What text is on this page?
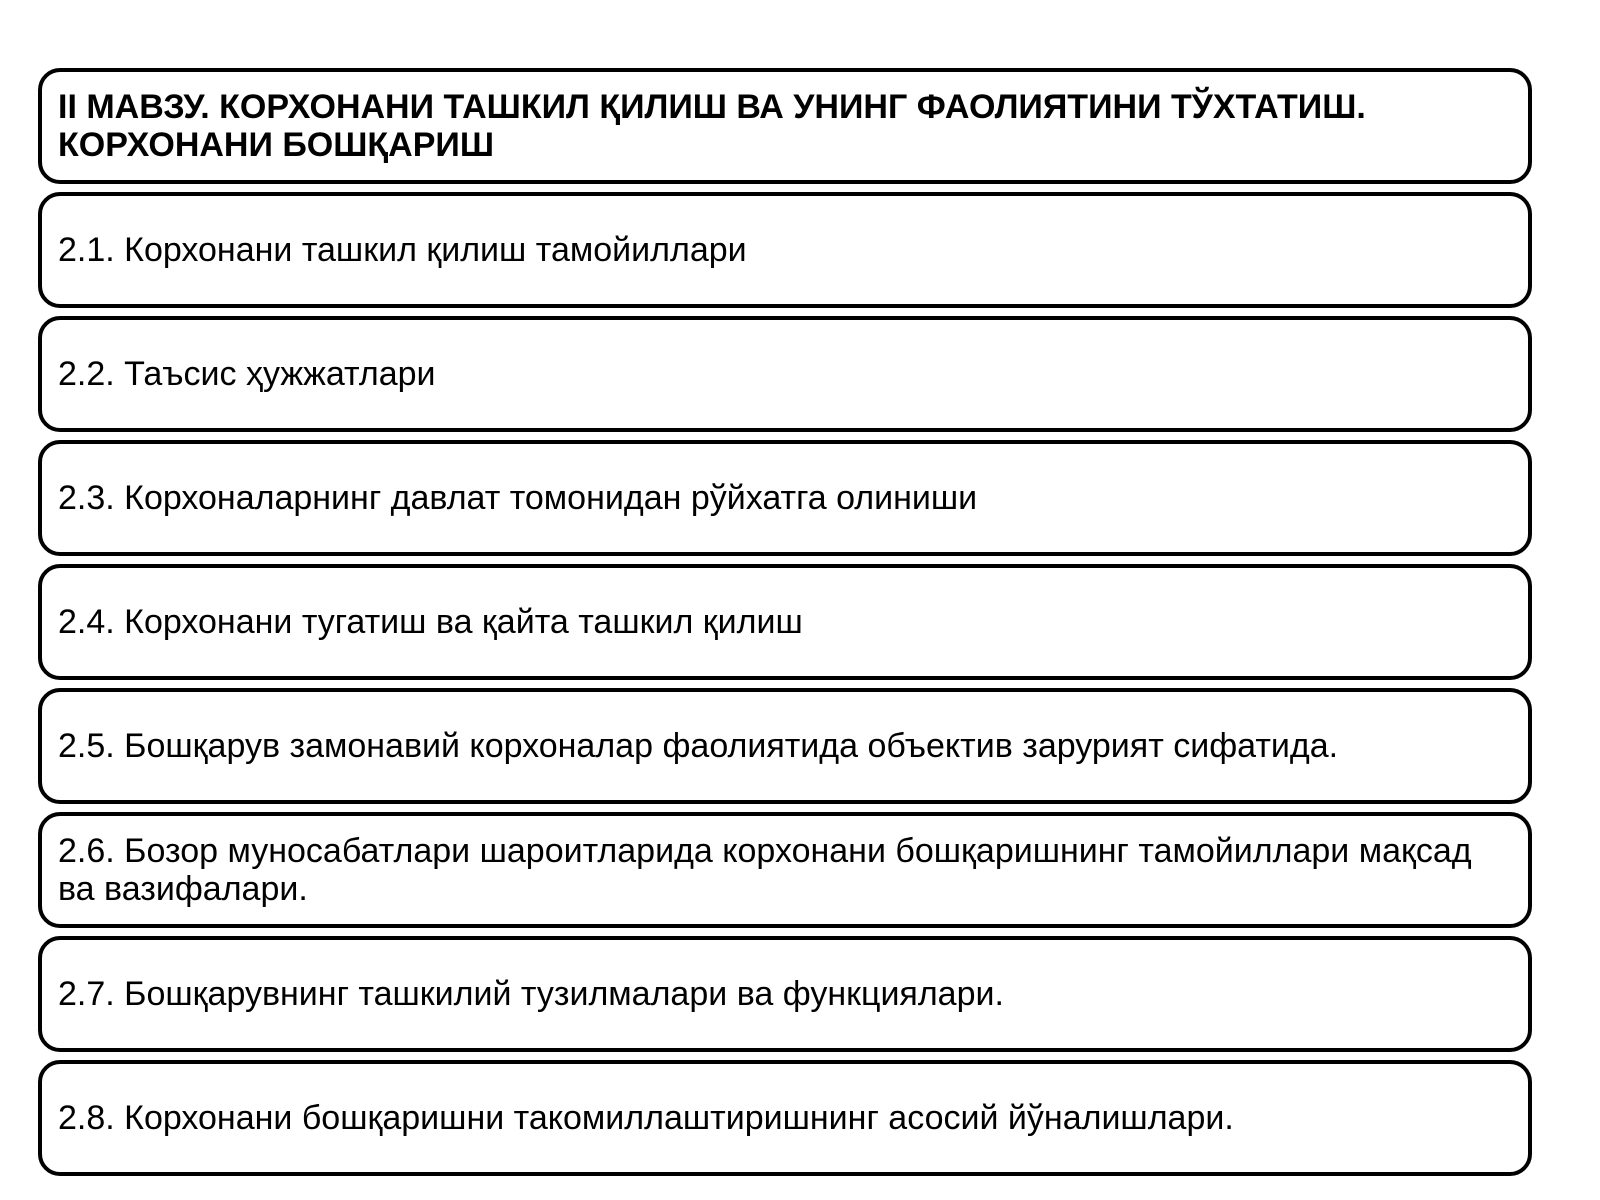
II МАВЗУ. КОРХОНАНИ ТАШКИЛ ҚИЛИШ ВА УНИНГ ФАОЛИЯТИНИ ТЎХТАТИШ. КОРХОНАНИ БОШҚАРИШ
2.1. Корхонани ташкил қилиш тамойиллари
2.2. Таъсис ҳужжатлари
2.3. Корхоналарнинг давлат томонидан рўйхатга олиниши
2.4. Корхонани тугатиш ва қайта ташкил қилиш
2.5. Бошқарув замонавий корхоналар фаолиятида объектив зарурият сифатида.
2.6. Бозор муносабатлари шароитларида корхонани бошқаришнинг тамойиллари мақсад ва вазифалари.
2.7. Бошқарувнинг ташкилий тузилмалари ва функциялари.
2.8. Корхонани бошқаришни такомиллаштиришнинг асосий йўналишлари.
